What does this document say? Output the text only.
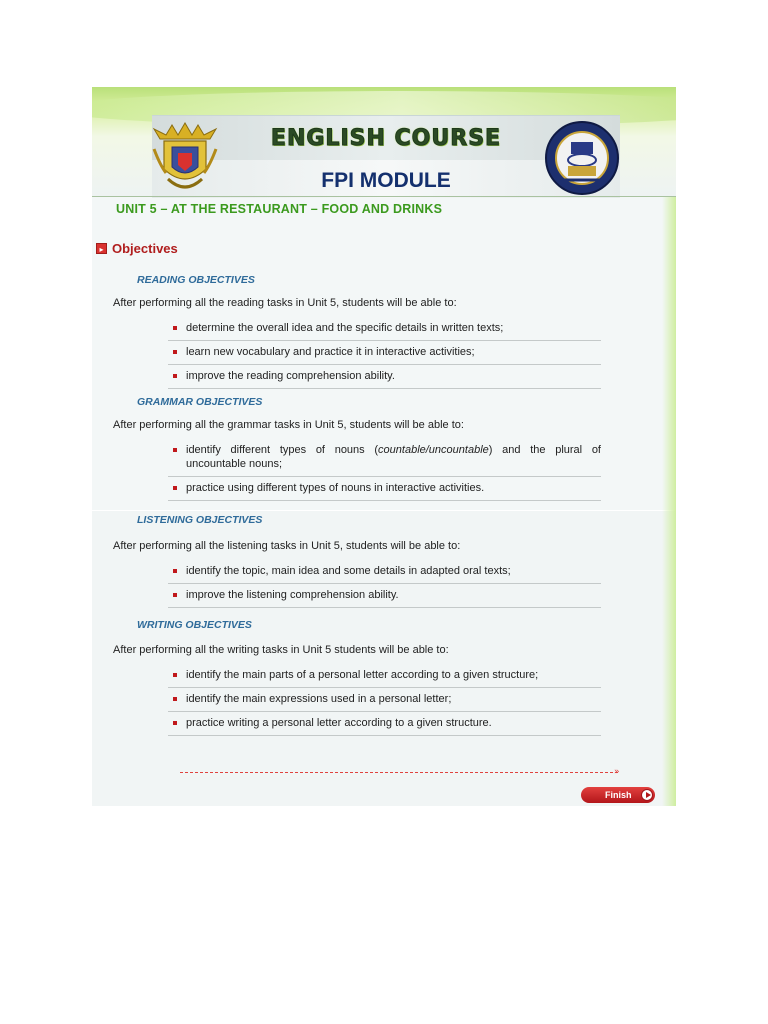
ENGLISH COURSE
FPI MODULE
UNIT 5 – AT THE RESTAURANT – FOOD AND DRINKS
▸ Objectives
READING OBJECTIVES
After performing all the reading tasks in Unit 5, students will be able to:
determine the overall idea and the specific details in written texts;
learn new vocabulary and practice it in interactive activities;
improve the reading comprehension ability.
GRAMMAR OBJECTIVES
After performing all the grammar tasks in Unit 5, students will be able to:
identify different types of nouns (countable/uncountable) and the plural of uncountable nouns;
practice using different types of nouns in interactive activities.
LISTENING OBJECTIVES
After performing all the listening tasks in Unit 5, students will be able to:
identify the topic, main idea and some details in adapted oral texts;
improve the listening comprehension ability.
WRITING OBJECTIVES
After performing all the writing tasks in Unit 5 students will be able to:
identify the main parts of a personal letter according to a given structure;
identify the main expressions used in a personal letter;
practice writing a personal letter according to a given structure.
»
Finish
